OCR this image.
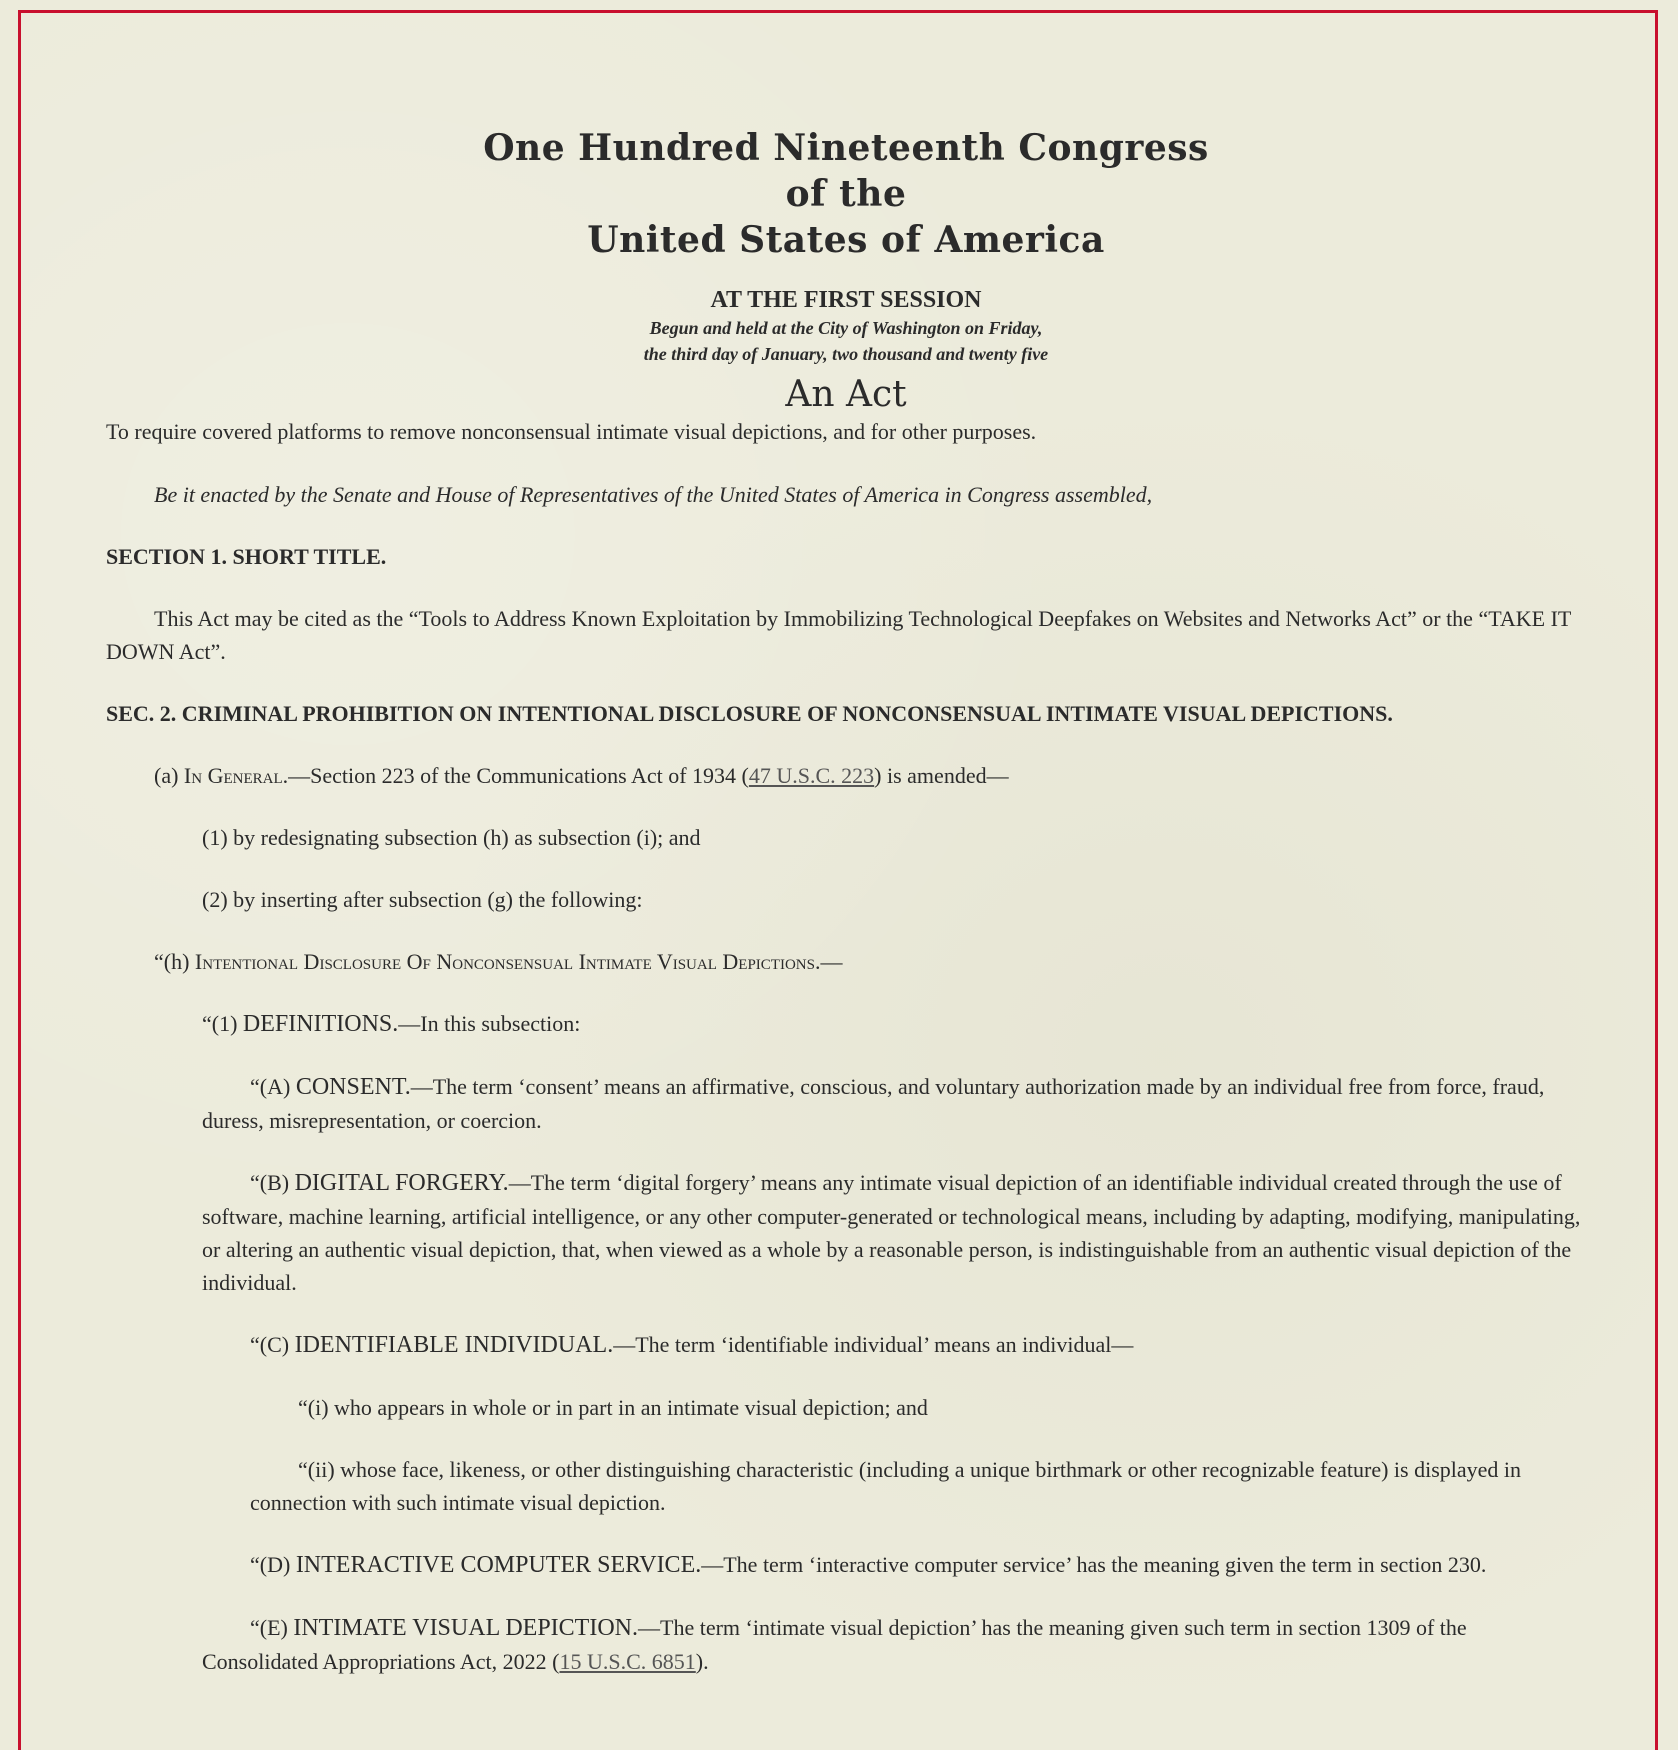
One Hundred Nineteenth Congress
of the
United States of America
AT THE FIRST SESSION
Begun and held at the City of Washington on Friday,
the third day of January, two thousand and twenty five
An Act

To require covered platforms to remove nonconsensual intimate visual depictions, and for other purposes.

Be it enacted by the Senate and House of Representatives of the United States of America in Congress assembled,

SECTION 1. SHORT TITLE.

This Act may be cited as the “Tools to Address Known Exploitation by Immobilizing Technological Deepfakes on Websites and Networks Act” or the “TAKE IT DOWN Act”.

SEC. 2. CRIMINAL PROHIBITION ON INTENTIONAL DISCLOSURE OF NONCONSENSUAL INTIMATE VISUAL DEPICTIONS.

(a) In General.—Section 223 of the Communications Act of 1934 (47 U.S.C. 223) is amended—

(1) by redesignating subsection (h) as subsection (i); and

(2) by inserting after subsection (g) the following:

“(h) Intentional Disclosure Of Nonconsensual Intimate Visual Depictions.—

“(1) DEFINITIONS.—In this subsection:

“(A) CONSENT.—The term ‘consent’ means an affirmative, conscious, and voluntary authorization made by an individual free from force, fraud, duress, misrepresentation, or coercion.

“(B) DIGITAL FORGERY.—The term ‘digital forgery’ means any intimate visual depiction of an identifiable individual created through the use of software, machine learning, artificial intelligence, or any other computer-generated or technological means, including by adapting, modifying, manipulating, or altering an authentic visual depiction, that, when viewed as a whole by a reasonable person, is indistinguishable from an authentic visual depiction of the individual.

“(C) IDENTIFIABLE INDIVIDUAL.—The term ‘identifiable individual’ means an individual—

“(i) who appears in whole or in part in an intimate visual depiction; and

“(ii) whose face, likeness, or other distinguishing characteristic (including a unique birthmark or other recognizable feature) is displayed in connection with such intimate visual depiction.

“(D) INTERACTIVE COMPUTER SERVICE.—The term ‘interactive computer service’ has the meaning given the term in section 230.

“(E) INTIMATE VISUAL DEPICTION.—The term ‘intimate visual depiction’ has the meaning given such term in section 1309 of the Consolidated Appropriations Act, 2022 (15 U.S.C. 6851).
